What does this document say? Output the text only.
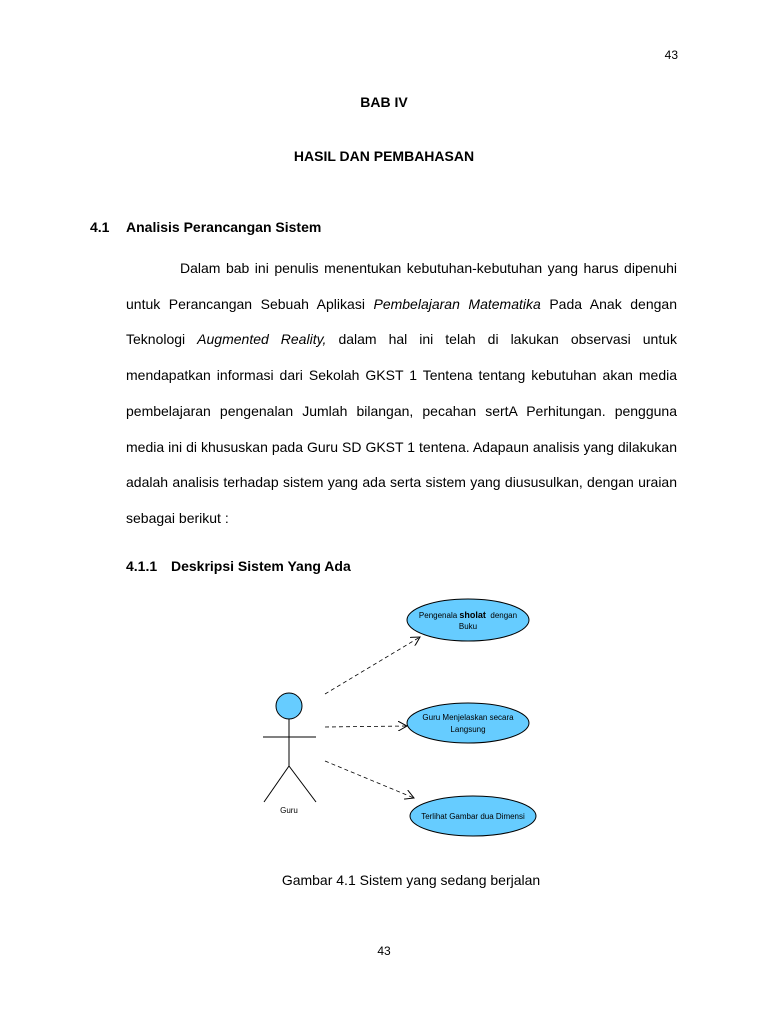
43
BAB IV
HASIL DAN PEMBAHASAN
4.1 Analisis Perancangan Sistem

Dalam bab ini penulis menentukan kebutuhan-kebutuhan yang harus dipenuhi untuk Perancangan Sebuah Aplikasi Pembelajaran Matematika Pada Anak dengan Teknologi Augmented Reality, dalam hal ini telah di lakukan observasi untuk mendapatkan informasi dari Sekolah GKST 1 Tentena tentang kebutuhan akan media pembelajaran pengenalan Jumlah bilangan, pecahan sertA Perhitungan. pengguna media ini di khususkan pada Guru SD GKST 1 tentena. Adapaun analisis yang dilakukan adalah analisis terhadap sistem yang ada serta sistem yang diususulkan, dengan uraian sebagai berikut :

4.1.1 Deskripsi Sistem Yang Ada
Guru
Pengenala sholat  dengan
Buku
Guru Menjelaskan secara
Langsung
Terlihat Gambar dua Dimensi
Gambar 4.1 Sistem yang sedang berjalan
43
